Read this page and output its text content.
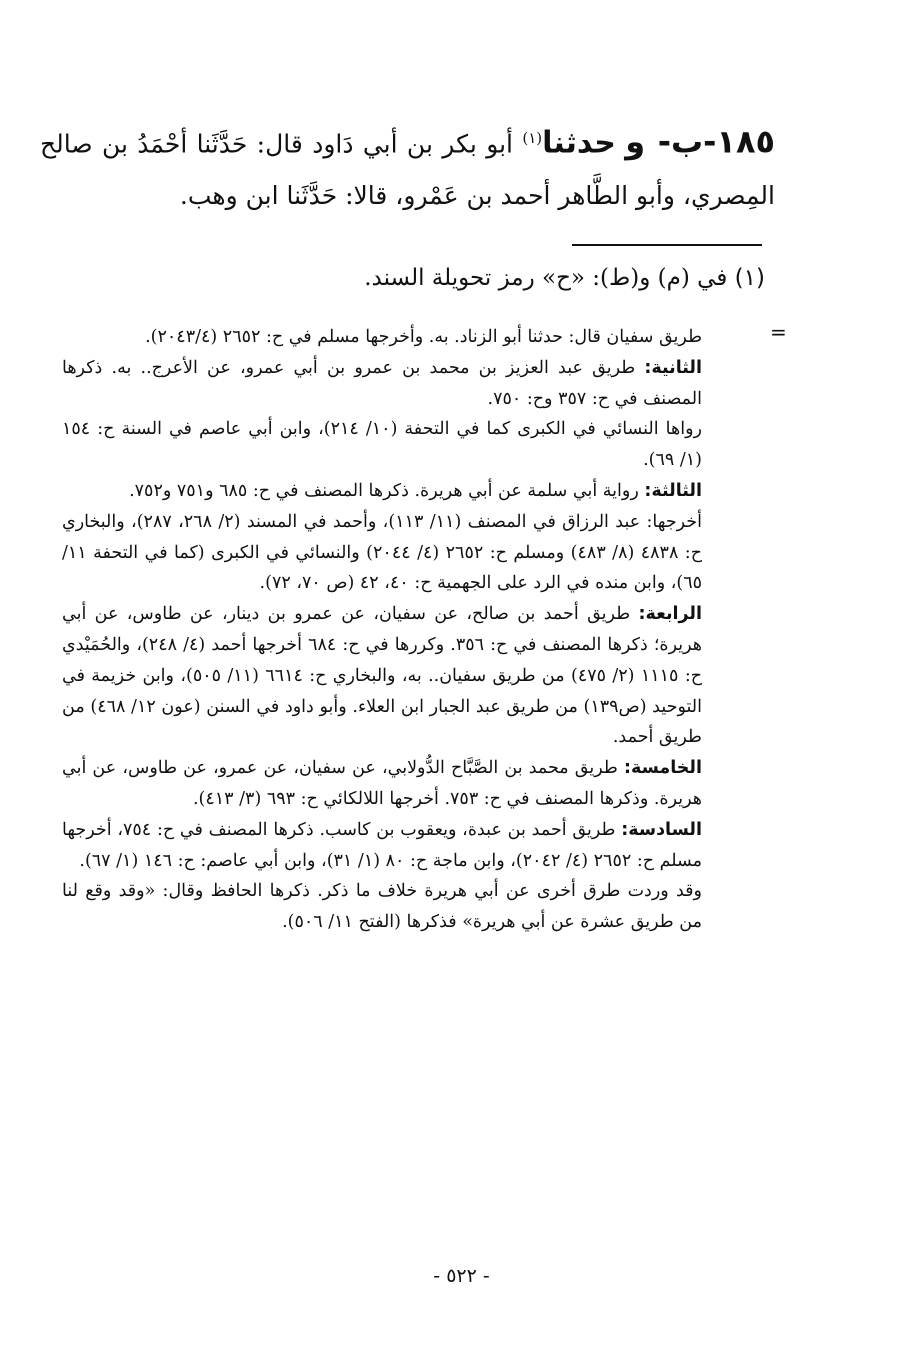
١٨٥-ب- و حدثنا$^{(١)}$ أبو بكر بن أبي دَاود قال: حَدَّثَنا أحْمَدُ بن صالح المِصري، وأبو الطَّاهر أحمد بن عَمْرو، قالا: حَدَّثَنا ابن وهب.
(١) في (م) و(ط): «ح» رمز تحويلة السند.
=

طريق سفيان قال: حدثنا أبو الزناد. به. وأخرجها مسلم في ح: ٢٦٥٢ (٢٠٤٣/٤).

الثانية: طريق عبد العزيز بن محمد بن عمرو بن أبي عمرو، عن الأعرج.. به. ذكرها المصنف في ح: ٣٥٧ وح: ٧٥٠.

رواها النسائي في الكبرى كما في التحفة (١٠/ ٢١٤)، وابن أبي عاصم في السنة ح: ١٥٤ (١/ ٦٩).

الثالثة: رواية أبي سلمة عن أبي هريرة. ذكرها المصنف في ح: ٦٨٥ و٧٥١ و٧٥٢.

أخرجها: عبد الرزاق في المصنف (١١/ ١١٣)، وأحمد في المسند (٢/ ٢٦٨، ٢٨٧)، والبخاري ح: ٤٨٣٨ (٨/ ٤٨٣) ومسلم ح: ٢٦٥٢ (٤/ ٢٠٤٤) والنسائي في الكبرى (كما في التحفة ١١/ ٦٥)، وابن منده في الرد على الجهمية ح: ٤٠، ٤٢ (ص ٧٠، ٧٢).

الرابعة: طريق أحمد بن صالح، عن سفيان، عن عمرو بن دينار، عن طاوس، عن أبي هريرة؛ ذكرها المصنف في ح: ٣٥٦. وكررها في ح: ٦٨٤ أخرجها أحمد (٤/ ٢٤٨)، والحُمَيْدي ح: ١١١٥ (٢/ ٤٧٥) من طريق سفيان.. به، والبخاري ح: ٦٦١٤ (١١/ ٥٠٥)، وابن خزيمة في التوحيد (ص١٣٩) من طريق عبد الجبار ابن العلاء. وأبو داود في السنن (عون ١٢/ ٤٦٨) من طريق أحمد.

الخامسة: طريق محمد بن الصَّبَّاح الدُّولابي، عن سفيان، عن عمرو، عن طاوس، عن أبي هريرة. وذكرها المصنف في ح: ٧٥٣. أخرجها اللالكائي ح: ٦٩٣ (٣/ ٤١٣).

السادسة: طريق أحمد بن عبدة، ويعقوب بن كاسب. ذكرها المصنف في ح: ٧٥٤، أخرجها مسلم ح: ٢٦٥٢ (٤/ ٢٠٤٢)، وابن ماجة ح: ٨٠ (١/ ٣١)، وابن أبي عاصم: ح: ١٤٦ (١/ ٦٧).

وقد وردت طرق أخرى عن أبي هريرة خلاف ما ذكر. ذكرها الحافظ وقال: «وقد وقع لنا من طريق عشرة عن أبي هريرة» فذكرها (الفتح ١١/ ٥٠٦).

- ٥٢٢ -
